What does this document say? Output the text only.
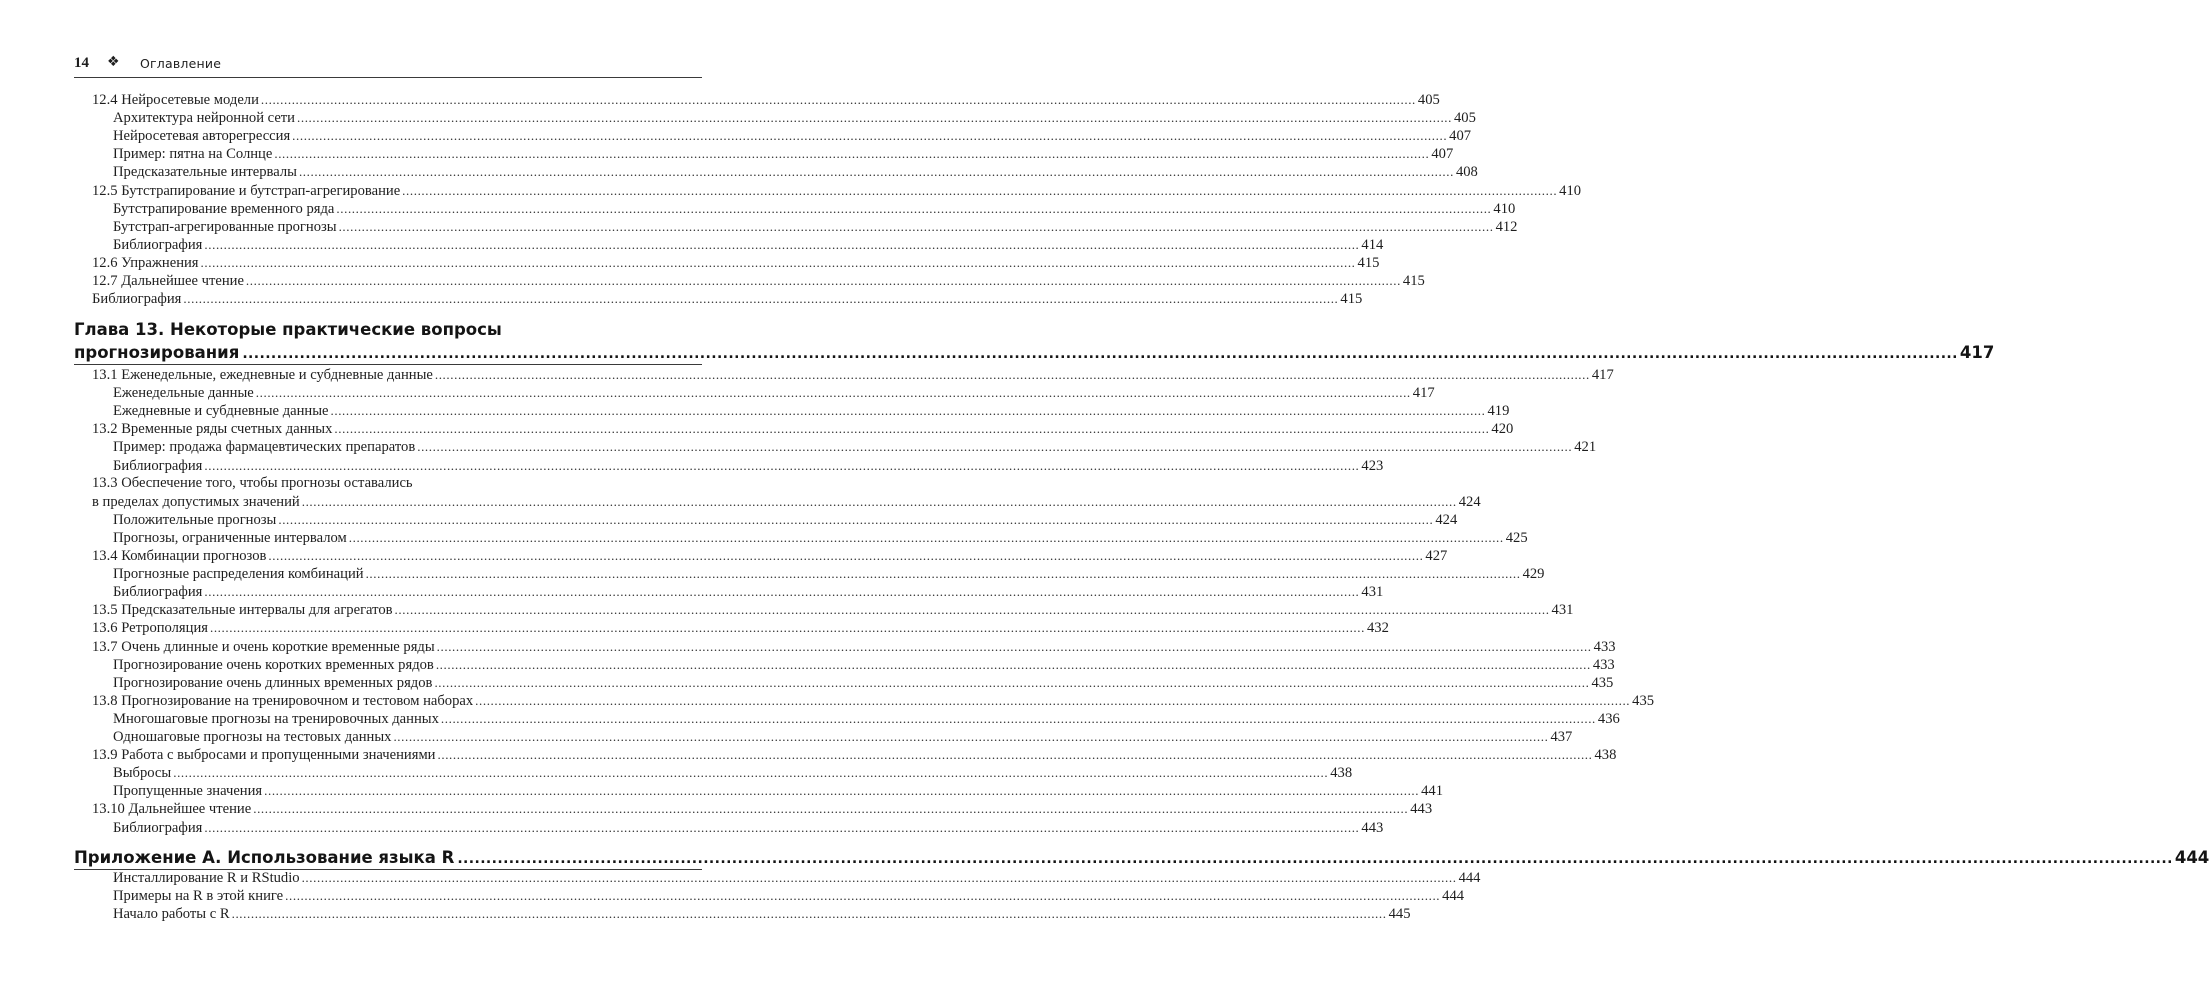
14 ❖ Оглавление
12.4 Нейросетевые модели ............................................................................................................................................................................................................................................................................................................ 405
Архитектура нейронной сети ............................................................................................................................................................................................................................................................................................................ 405
Нейросетевая авторегрессия ............................................................................................................................................................................................................................................................................................................ 407
Пример: пятна на Солнце ............................................................................................................................................................................................................................................................................................................ 407
Предсказательные интервалы ............................................................................................................................................................................................................................................................................................................ 408
12.5 Бутстрапирование и бутстрап-агрегирование ............................................................................................................................................................................................................................................................................................................ 410
Бутстрапирование временного ряда ............................................................................................................................................................................................................................................................................................................ 410
Бутстрап-агрегированные прогнозы ............................................................................................................................................................................................................................................................................................................ 412
Библиография ............................................................................................................................................................................................................................................................................................................ 414
12.6 Упражнения ............................................................................................................................................................................................................................................................................................................ 415
12.7 Дальнейшее чтение ............................................................................................................................................................................................................................................................................................................ 415
Библиография ............................................................................................................................................................................................................................................................................................................ 415
Глава 13. Некоторые практические вопросы
прогнозирования ............................................................................................................................................................................................................................................................................................................ 417
13.1 Еженедельные, ежедневные и субдневные данные ............................................................................................................................................................................................................................................................................................................ 417
Еженедельные данные ............................................................................................................................................................................................................................................................................................................ 417
Ежедневные и субдневные данные ............................................................................................................................................................................................................................................................................................................ 419
13.2 Временные ряды счетных данных ............................................................................................................................................................................................................................................................................................................ 420
Пример: продажа фармацевтических препаратов ............................................................................................................................................................................................................................................................................................................ 421
Библиография ............................................................................................................................................................................................................................................................................................................ 423
13.3 Обеспечение того, чтобы прогнозы оставались
в пределах допустимых значений ............................................................................................................................................................................................................................................................................................................ 424
Положительные прогнозы ............................................................................................................................................................................................................................................................................................................ 424
Прогнозы, ограниченные интервалом ............................................................................................................................................................................................................................................................................................................ 425
13.4 Комбинации прогнозов ............................................................................................................................................................................................................................................................................................................ 427
Прогнозные распределения комбинаций ............................................................................................................................................................................................................................................................................................................ 429
Библиография ............................................................................................................................................................................................................................................................................................................ 431
13.5 Предсказательные интервалы для агрегатов ............................................................................................................................................................................................................................................................................................................ 431
13.6 Ретрополяция ............................................................................................................................................................................................................................................................................................................ 432
13.7 Очень длинные и очень короткие временные ряды ............................................................................................................................................................................................................................................................................................................ 433
Прогнозирование очень коротких временных рядов ............................................................................................................................................................................................................................................................................................................ 433
Прогнозирование очень длинных временных рядов ............................................................................................................................................................................................................................................................................................................ 435
13.8 Прогнозирование на тренировочном и тестовом наборах ............................................................................................................................................................................................................................................................................................................ 435
Многошаговые прогнозы на тренировочных данных ............................................................................................................................................................................................................................................................................................................ 436
Одношаговые прогнозы на тестовых данных ............................................................................................................................................................................................................................................................................................................ 437
13.9 Работа с выбросами и пропущенными значениями ............................................................................................................................................................................................................................................................................................................ 438
Выбросы ............................................................................................................................................................................................................................................................................................................ 438
Пропущенные значения ............................................................................................................................................................................................................................................................................................................ 441
13.10 Дальнейшее чтение ............................................................................................................................................................................................................................................................................................................ 443
Библиография ............................................................................................................................................................................................................................................................................................................ 443
Приложение A. Использование языка R ............................................................................................................................................................................................................................................................................................................ 444
Инсталлирование R и RStudio ............................................................................................................................................................................................................................................................................................................ 444
Примеры на R в этой книге ............................................................................................................................................................................................................................................................................................................ 444
Начало работы с R ............................................................................................................................................................................................................................................................................................................ 445
